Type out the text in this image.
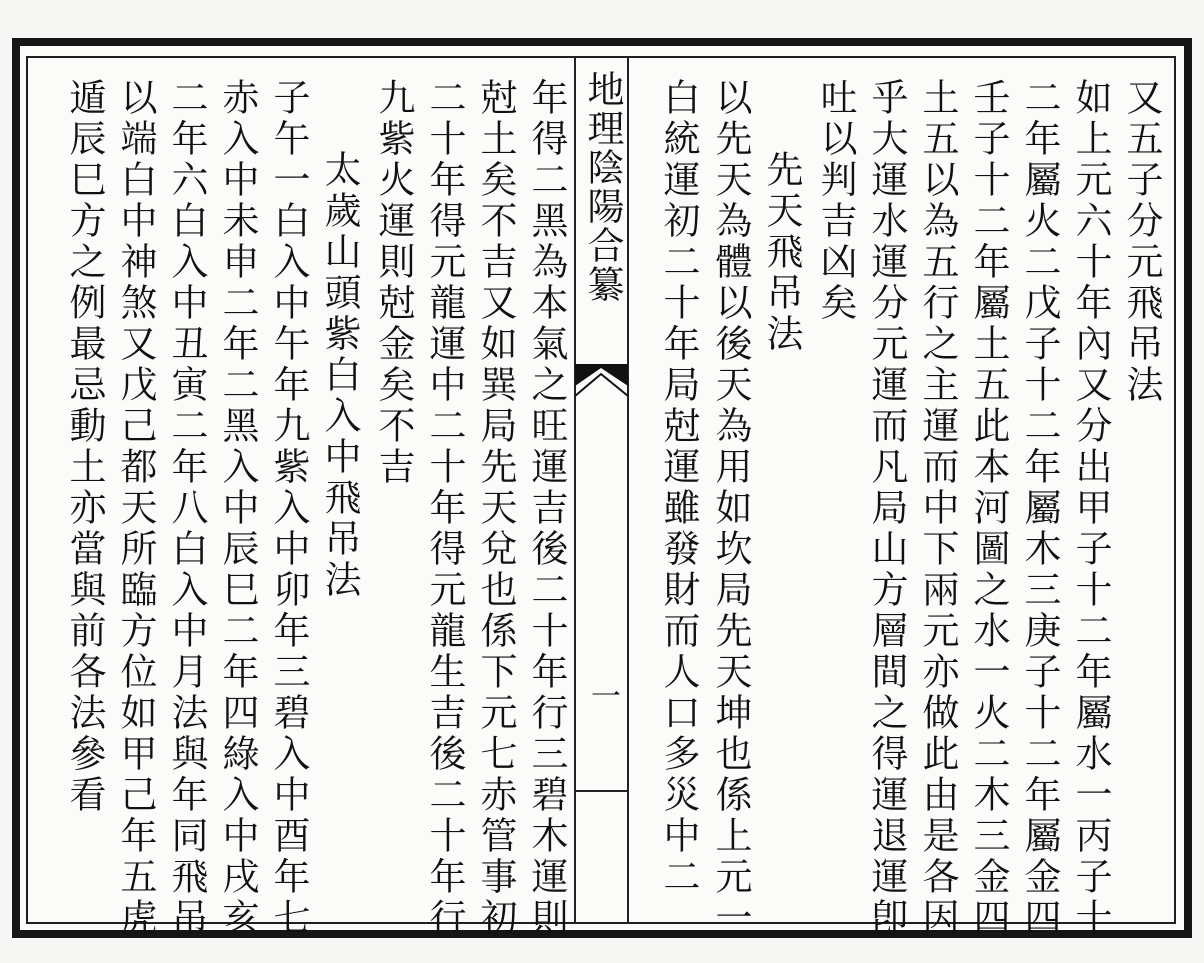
地理陰陽合纂
一
又五子分元飛吊法
如上元六十年內又分出甲子十二年屬水一丙子十
二年屬火二戊子十二年屬木三庚子十二年屬金四
壬子十二年屬土五此本河圖之水一火二木三金四
土五以為五行之主運而中下兩元亦做此由是各因
乎大運水運分元運而凡局山方層間之得運退運卽
吐以判吉凶矣
先天飛吊法
以先天為體以後天為用如坎局先天坤也係上元一
白統運初二十年局尅運雖發財而人口多災中二
年得二黑為本氣之旺運吉後二十年行三碧木運則
尅土矣不吉又如巽局先天兌也係下元七赤管事初
二十年得元龍運中二十年得元龍生吉後二十年行
九紫火運則尅金矣不吉
太歲山頭紫白入中飛吊法
子午一白入中午年九紫入中卯年三碧入中酉年七
赤入中未申二年二黑入中辰巳二年四綠入中戌亥
二年六白入中丑寅二年八白入中月法與年同飛吊
以端白中神煞又戊己都天所臨方位如甲己年五虎
遁辰巳方之例最忌動土亦當與前各法參看
